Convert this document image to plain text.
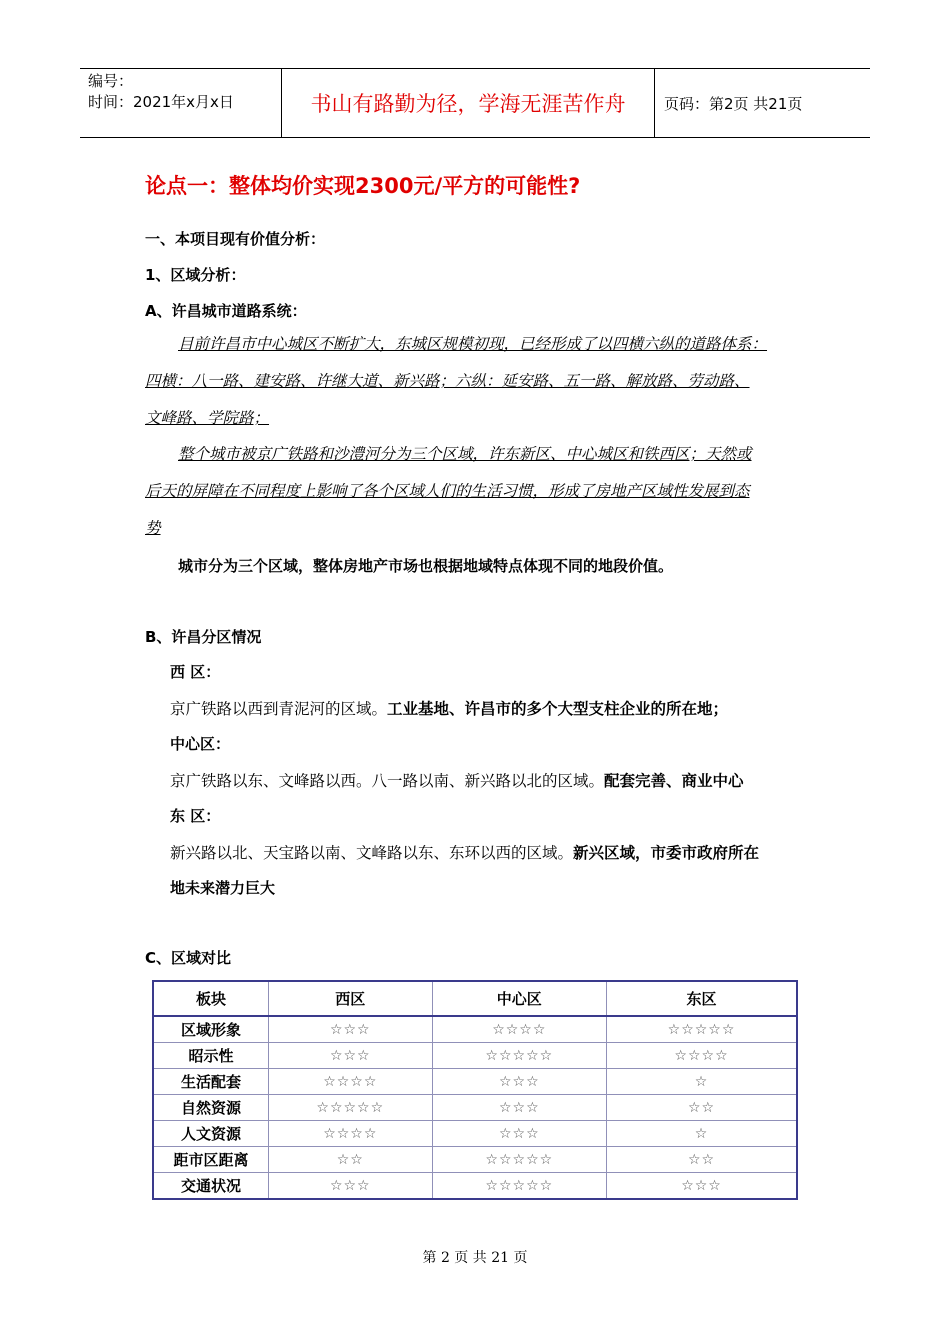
编号：
时间：2021年x月x日	书山有路勤为径，学海无涯苦作舟	页码：第2页 共21页
论点一：整体均价实现2300元/平方的可能性?
一、本项目现有价值分析：
1、区域分析：
A、许昌城市道路系统：
目前许昌市中心城区不断扩大，东城区规模初现，已经形成了以四横六纵的道路体系：
四横：八一路、建安路、许继大道、新兴路；六纵：延安路、五一路、解放路、劳动路、
文峰路、学院路；
整个城市被京广铁路和沙澧河分为三个区域，许东新区、中心城区和铁西区；天然或
后天的屏障在不同程度上影响了各个区域人们的生活习惯，形成了房地产区域性发展到态
势
城市分为三个区域，整体房地产市场也根据地域特点体现不同的地段价值。
B、许昌分区情况
西 区：
京广铁路以西到青泥河的区域。工业基地、许昌市的多个大型支柱企业的所在地；
中心区：
京广铁路以东、文峰路以西。八一路以南、新兴路以北的区域。配套完善、商业中心
东 区：
新兴路以北、天宝路以南、文峰路以东、东环以西的区域。新兴区域，市委市政府所在
地未来潜力巨大
C、区域对比
板块	西区	中心区	东区
区域形象	☆☆☆	☆☆☆☆	☆☆☆☆☆
昭示性	☆☆☆	☆☆☆☆☆	☆☆☆☆
生活配套	☆☆☆☆	☆☆☆	☆
自然资源	☆☆☆☆☆	☆☆☆	☆☆
人文资源	☆☆☆☆	☆☆☆	☆
距市区距离	☆☆	☆☆☆☆☆	☆☆
交通状况	☆☆☆	☆☆☆☆☆	☆☆☆
第 2 页 共 21 页
